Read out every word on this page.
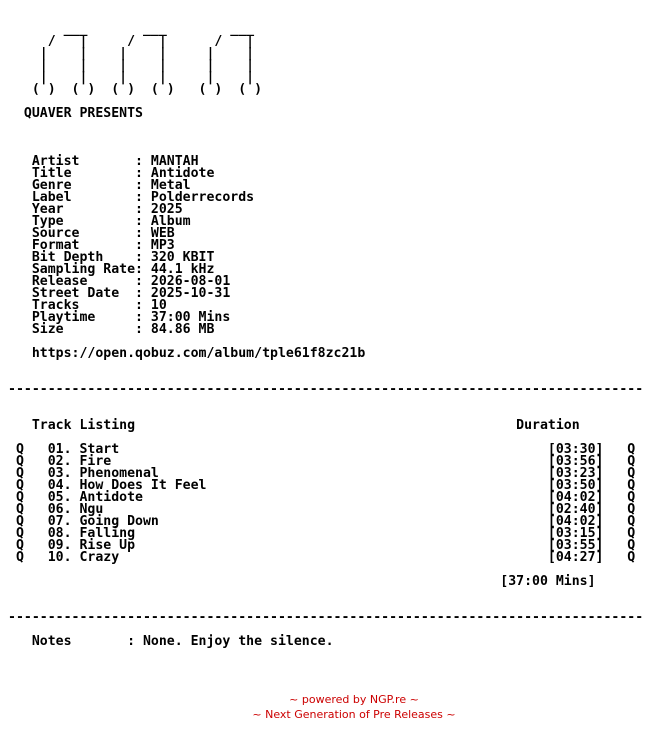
___       ___        ___
/   |     /   |      /   |
|    |    |    |     |    |
|    |    |    |     |    |
|    |    |    |     |    |
( )  ( )  ( )  ( )   ( )  ( )

QUAVER PRESENTS

Artist       : MANTAH
Title        : Antidote
Genre        : Metal
Label        : Polderrecords
Year         : 2025
Type         : Album
Source       : WEB
Format       : MP3
Bit Depth    : 320 KBIT
Sampling Rate: 44.1 kHz
Release      : 2026-08-01
Street Date  : 2025-10-31
Tracks       : 10
Playtime     : 37:00 Mins
Size         : 84.86 MB

https://open.qobuz.com/album/tple61f8zc21b

--------------------------------------------------------------------------------

Track Listing                                                Duration

Q   01. Start                                                      [03:30]   Q
Q   02. Fire                                                       [03:56]   Q
Q   03. Phenomenal                                                 [03:23]   Q
Q   04. How Does It Feel                                           [03:50]   Q
Q   05. Antidote                                                   [04:02]   Q
Q   06. Ngu                                                        [02:40]   Q
Q   07. Going Down                                                 [04:02]   Q
Q   08. Falling                                                    [03:15]   Q
Q   09. Rise Up                                                    [03:55]   Q
Q   10. Crazy                                                      [04:27]   Q

[37:00 Mins]

--------------------------------------------------------------------------------

Notes       : None. Enjoy the silence.
~ powered by NGP.re ~
~ Next Generation of Pre Releases ~
